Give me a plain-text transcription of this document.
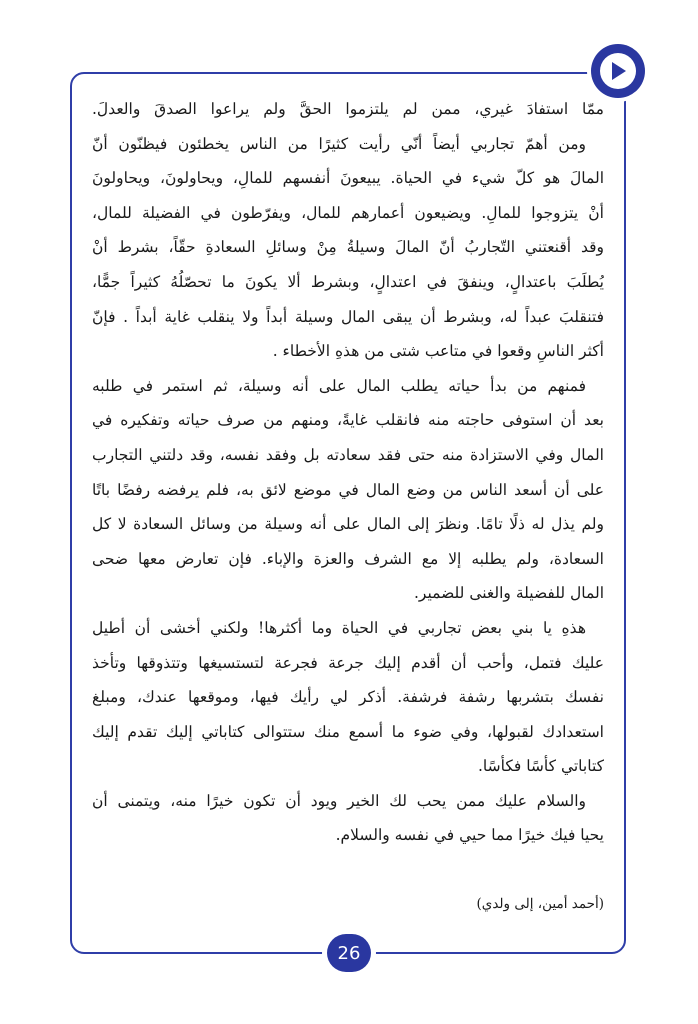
ممّا استفادَ غيري، ممن لم يلتزموا الحقَّ ولم يراعوا الصدقَ والعدلَ.
ومن أهمّ تجاربي أيضاً أنّي رأيت كثيرًا من الناس يخطئون فيظنّون أنّ
المالَ هو كلّ شيء في الحياة. يبيعونَ أنفسهم للمالِ، ويحاولونَ، ويحاولونَ
أنْ يتزوجوا للمالِ. ويضيعون أعمارهم للمال، ويفرّطون في الفضيلة للمال،
وقد أقنعتني التّجاربُ أنّ المالَ وسيلةُ مِنْ وسائلِ السعادةِ حقّاً، بشرط أنْ
يُطلَبَ باعتدالٍ، وينفقَ في اعتدالٍ، وبشرط ألا يكونَ ما تحصّلُهُ كثيراً جمًّا،
فتنقلبَ عبداً له، وبشرط أن يبقى المال وسيلة أبداً ولا ينقلب غاية أبداً . فإنّ
أكثر الناسِ وقعوا في متاعب شتى من هذهِ الأخطاء .
فمنهم من بدأ حياته يطلب المال على أنه وسيلة، ثم استمر في طلبه
بعد أن استوفى حاجته منه فانقلب غايةً، ومنهم من صرف حياته وتفكيره في
المال وفي الاستزادة منه حتى فقد سعادته بل وفقد نفسه، وقد دلتني التجارب
على أن أسعد الناس من وضع المال في موضع لائق به، فلم يرفضه رفضًا باتًا
ولم يذل له ذلًا تامًا. ونظرَ إلى المال على أنه وسيلة من وسائل السعادة لا كل
السعادة، ولم يطلبه إلا مع الشرف والعزة والإباء. فإن تعارض معها ضحى
المال للفضيلة والغنى للضمير.
هذهِ يا بني بعض تجاربي في الحياة وما أكثرها! ولكني أخشى أن أطيل
عليك فتمل، وأحب أن أقدم إليك جرعة فجرعة لتستسيغها وتتذوقها وتأخذ
نفسك بتشربها رشفة فرشفة. أذكر لي رأيك فيها، وموقعها عندك، ومبلغ
استعدادك لقبولها، وفي ضوء ما أسمع منك ستتوالى كتاباتي إليك تقدم إليك
كتاباتي كأسًا فكأسًا.
والسلام عليك ممن يحب لك الخير ويود أن تكون خيرًا منه، ويتمنى أن
يحيا فيك خيرًا مما حيي في نفسه والسلام.
(أحمد أمين، إلى ولدي)
26
